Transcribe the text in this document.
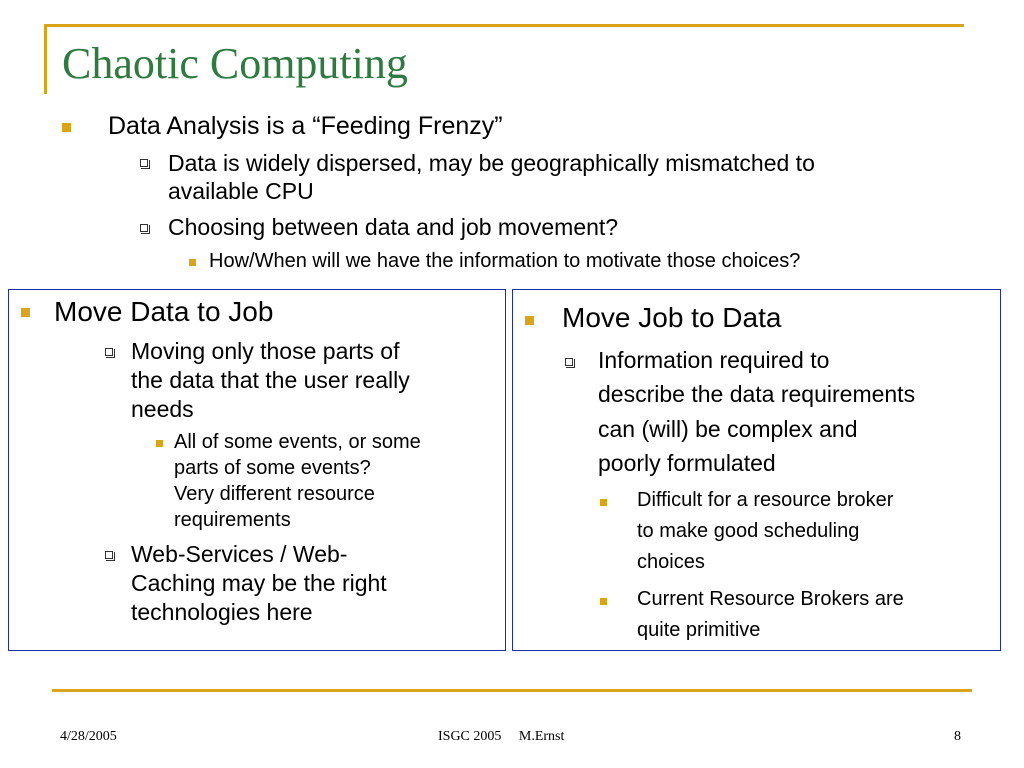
Chaotic Computing
Data Analysis is a “Feeding Frenzy”
Data is widely dispersed, may be geographically mismatched to
available CPU
Choosing between data and job movement?
How/When will we have the information to motivate those choices?
Move Data to Job
Moving only those parts of
the data that the user really
needs
All of some events, or some
parts of some events?
Very different resource
requirements
Web-Services / Web-
Caching may be the right
technologies here
Move Job to Data
Information required to
describe the data requirements
can (will) be complex and
poorly formulated
Difficult for a resource broker
to make good scheduling
choices
Current Resource Brokers are
quite primitive
4/28/2005	ISGC 2005     M.Ernst	8
